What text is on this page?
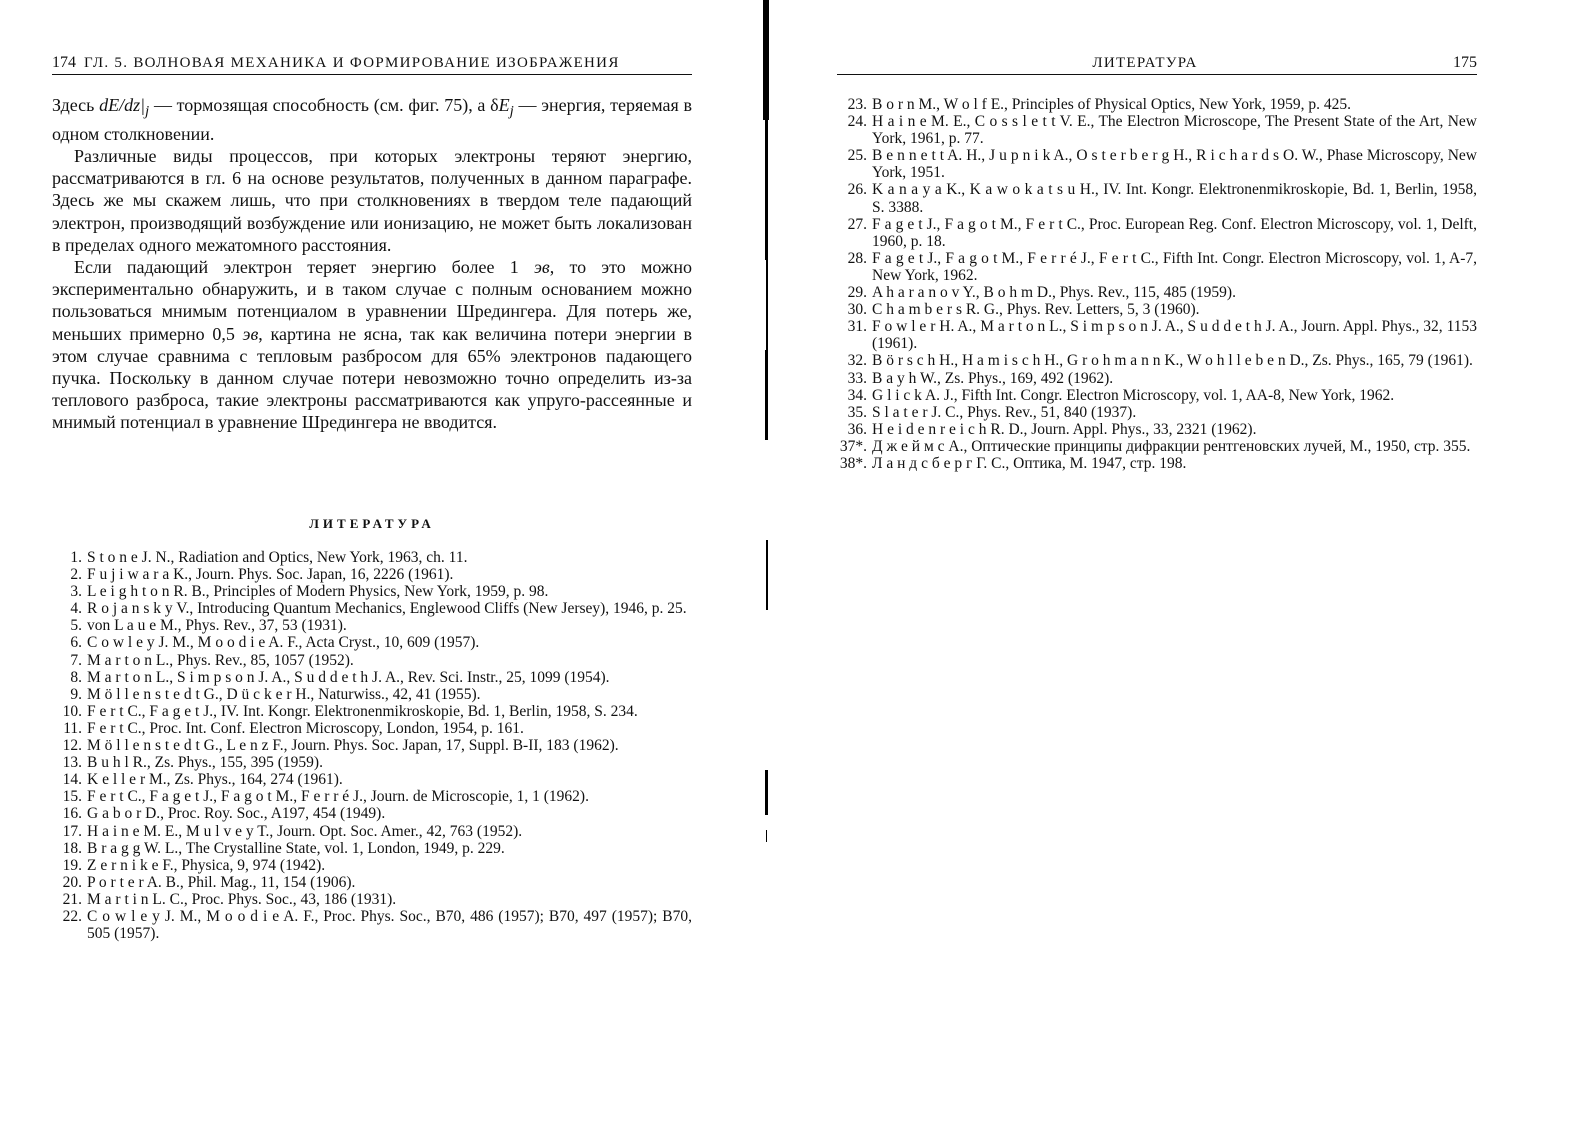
174 ГЛ. 5. ВОЛНОВАЯ МЕХАНИКА И ФОРМИРОВАНИЕ ИЗОБРАЖЕНИЯ

Здесь $dE/dz|_j$ — тормозящая способность (см. фиг. 75), а $\delta E_j$ — энергия, теряемая в одном столкновении.

Различные виды процессов, при которых электроны теряют энергию, рассматриваются в гл. 6 на основе результатов, полученных в данном параграфе. Здесь же мы скажем лишь, что при столкновениях в твердом теле падающий электрон, производящий возбуждение или ионизацию, не может быть локализован в пределах одного межатомного расстояния.

Если падающий электрон теряет энергию более 1 эв, то это можно экспериментально обнаружить, и в таком случае с полным основанием можно пользоваться мнимым потенциалом в уравнении Шредингера. Для потерь же, меньших примерно 0,5 эв, картина не ясна, так как величина потери энергии в этом случае сравнима с тепловым разбросом для 65% электронов падающего пучка. Поскольку в данном случае потери невозможно точно определить из-за теплового разброса, такие электроны рассматриваются как упруго-рассеянные и мнимый потенциал в уравнение Шредингера не вводится.

ЛИТЕРАТУРА
1. S t o n e J. N., Radiation and Optics, New York, 1963, ch. 11.
2. F u j i w a r a K., Journ. Phys. Soc. Japan, 16, 2226 (1961).
3. L e i g h t o n R. B., Principles of Modern Physics, New York, 1959, p. 98.
4. R o j a n s k y V., Introducing Quantum Mechanics, Englewood Cliffs (New Jersey), 1946, p. 25.
5. von L a u e M., Phys. Rev., 37, 53 (1931).
6. C o w l e y J. M., M o o d i e A. F., Acta Cryst., 10, 609 (1957).
7. M a r t o n L., Phys. Rev., 85, 1057 (1952).
8. M a r t o n L., S i m p s o n J. A., S u d d e t h J. A., Rev. Sci. Instr., 25, 1099 (1954).
9. M ö l l e n s t e d t G., D ü c k e r H., Naturwiss., 42, 41 (1955).
10. F e r t C., F a g e t J., IV. Int. Kongr. Elektronenmikroskopie, Bd. 1, Berlin, 1958, S. 234.
11. F e r t C., Proc. Int. Conf. Electron Microscopy, London, 1954, p. 161.
12. M ö l l e n s t e d t G., L e n z F., Journ. Phys. Soc. Japan, 17, Suppl. B-II, 183 (1962).
13. B u h l R., Zs. Phys., 155, 395 (1959).
14. K e l l e r M., Zs. Phys., 164, 274 (1961).
15. F e r t C., F a g e t J., F a g o t M., F e r r é J., Journ. de Microscopie, 1, 1 (1962).
16. G a b o r D., Proc. Roy. Soc., A197, 454 (1949).
17. H a i n e M. E., M u l v e y T., Journ. Opt. Soc. Amer., 42, 763 (1952).
18. B r a g g W. L., The Crystalline State, vol. 1, London, 1949, p. 229.
19. Z e r n i k e F., Physica, 9, 974 (1942).
20. P o r t e r A. B., Phil. Mag., 11, 154 (1906).
21. M a r t i n L. C., Proc. Phys. Soc., 43, 186 (1931).
22. C o w l e y J. M., M o o d i e A. F., Proc. Phys. Soc., B70, 486 (1957); B70, 497 (1957); B70, 505 (1957).
ЛИТЕРАТУРА	175
23. B o r n M., W o l f E., Principles of Physical Optics, New York, 1959, p. 425.
24. H a i n e M. E., C o s s l e t t V. E., The Electron Microscope, The Present State of the Art, New York, 1961, p. 77.
25. B e n n e t t A. H., J u p n i k A., O s t e r b e r g H., R i c h a r d s O. W., Phase Microscopy, New York, 1951.
26. K a n a y a K., K a w o k a t s u H., IV. Int. Kongr. Elektronenmikroskopie, Bd. 1, Berlin, 1958, S. 3388.
27. F a g e t J., F a g o t M., F e r t C., Proc. European Reg. Conf. Electron Microscopy, vol. 1, Delft, 1960, p. 18.
28. F a g e t J., F a g o t M., F e r r é J., F e r t C., Fifth Int. Congr. Electron Microscopy, vol. 1, A-7, New York, 1962.
29. A h a r a n o v Y., B o h m D., Phys. Rev., 115, 485 (1959).
30. C h a m b e r s R. G., Phys. Rev. Letters, 5, 3 (1960).
31. F o w l e r H. A., M a r t o n L., S i m p s o n J. A., S u d d e t h J. A., Journ. Appl. Phys., 32, 1153 (1961).
32. B ö r s c h H., H a m i s c h H., G r o h m a n n K., W o h l l e b e n D., Zs. Phys., 165, 79 (1961).
33. B a y h W., Zs. Phys., 169, 492 (1962).
34. G l i c k A. J., Fifth Int. Congr. Electron Microscopy, vol. 1, AA-8, New York, 1962.
35. S l a t e r J. C., Phys. Rev., 51, 840 (1937).
36. H e i d e n r e i c h R. D., Journ. Appl. Phys., 33, 2321 (1962).
37*. Д ж е й м с А., Оптические принципы дифракции рентгеновских лучей, М., 1950, стр. 355.
38*. Л а н д с б е р г Г. С., Оптика, М. 1947, стр. 198.
